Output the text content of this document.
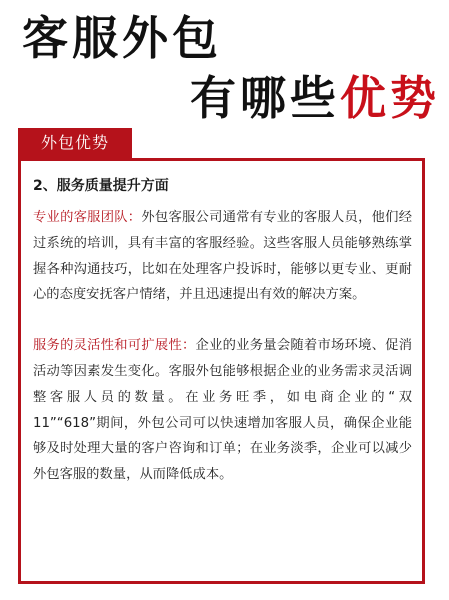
客服外包
有哪些优势
外包优势
2、服务质量提升方面

专业的客服团队：外包客服公司通常有专业的客服人员，他们经过系统的培训，具有丰富的客服经验。这些客服人员能够熟练掌握各种沟通技巧，比如在处理客户投诉时，能够以更专业、更耐心的态度安抚客户情绪，并且迅速提出有效的解决方案。

服务的灵活性和可扩展性：企业的业务量会随着市场环境、促消活动等因素发生变化。客服外包能够根据企业的业务需求灵活调整客服人员的数量。在业务旺季，如电商企业的“双 11”“618”期间，外包公司可以快速增加客服人员，确保企业能够及时处理大量的客户咨询和订单；在业务淡季，企业可以减少外包客服的数量，从而降低成本。
